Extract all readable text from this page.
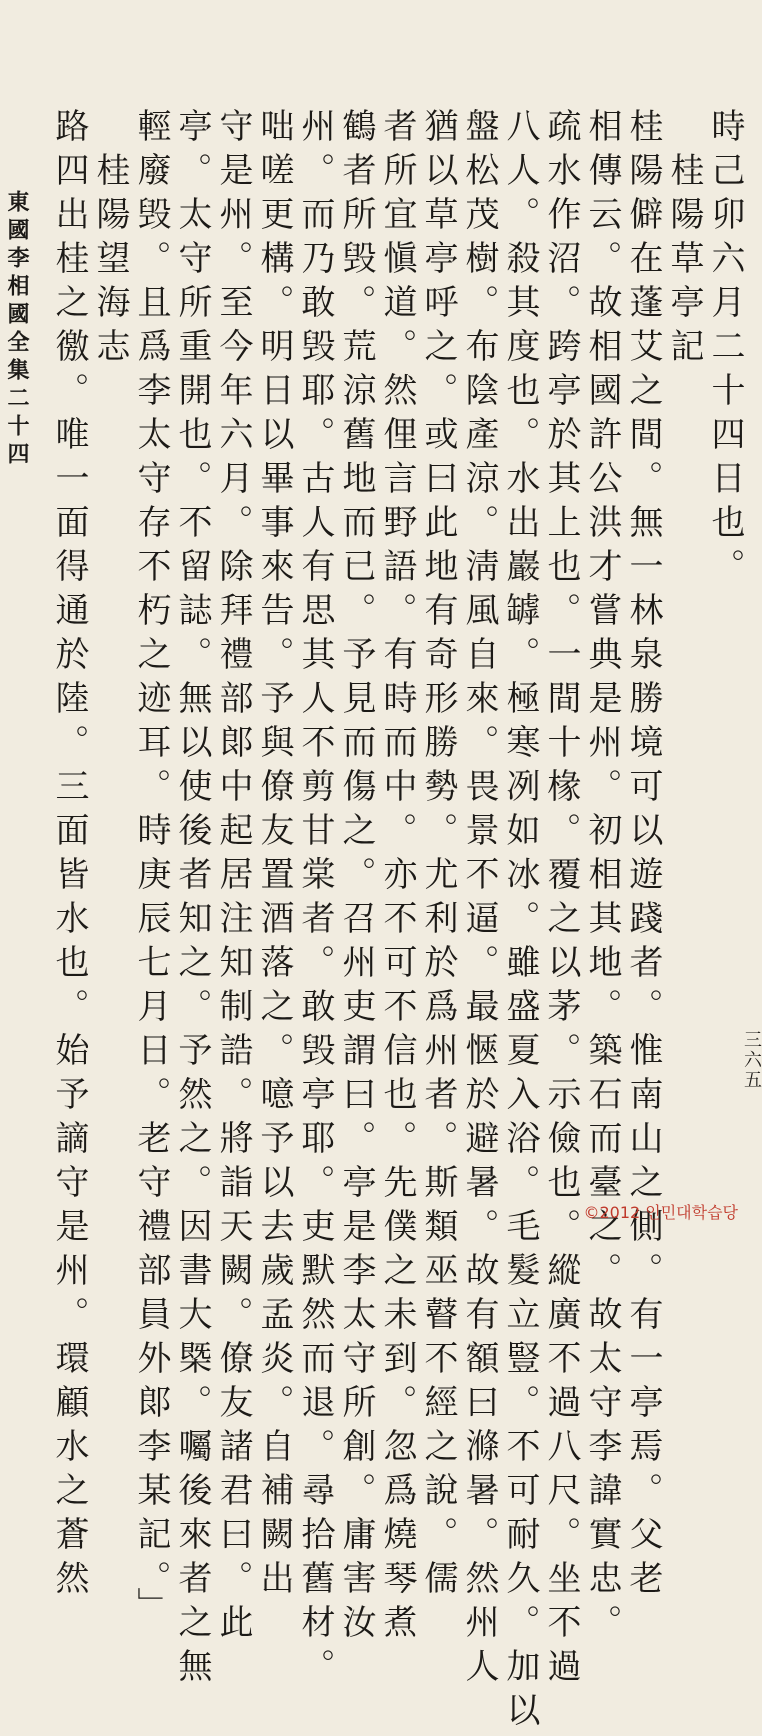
時己卯六月二十四日也。
　桂陽草亭記
桂陽僻在蓬艾之間。無一林泉勝境可以遊踐者。惟南山之側。有一亭焉。父老
相傳云。故相國許公洪才嘗典是州。初相其地。築石而臺之。故太守李諱實忠。
疏水作沼。跨亭於其上也。一間十椽。覆之以茅。示儉也。縱廣不過八尺。坐不過
八人。殺其度也。水出巖罅。極寒冽如冰。雖盛夏入浴。毛髮立豎。不可耐久。加以
盤松茂樹。布陰產涼。淸風自來。畏景不逼。最愜於避暑。故有額曰滌暑。然州人
猶以草亭呼之。或曰此地有奇形勝勢。尤利於爲州者。斯類巫瞽不經之說。儒
者所宜愼道。然俚言野語。有時而中。亦不可不信也。先僕之未到。忽爲燒琴煮
鶴者所毁。荒涼舊地而已。予見而傷之。召州吏謂曰。亭是李太守所創。庸害汝
州。而乃敢毁耶。古人有思其人不剪甘棠者。敢毁亭耶。吏默然而退。尋拾舊材。
咄嗟更構。明日以畢事來告。予與僚友置酒落之。噫予以去歲孟炎。自補闕出
守是州。至今年六月。除拜禮部郞中起居注知制誥。將詣天闕。僚友諸君曰。此
亭。太守所重開也。不留誌。無以使後者知之。予然之。因書大槩。囑後來者之無
輕廢毁。且爲李太守存不朽之迹耳。時庚辰七月日。老守禮部員外郞李某記。」
　桂陽望海志
路四出桂之徼。唯一面得通於陸。三面皆水也。始予謫守是州。環顧水之蒼然
東國李相國全集二十四
三六五
©2012 인민대학습당
